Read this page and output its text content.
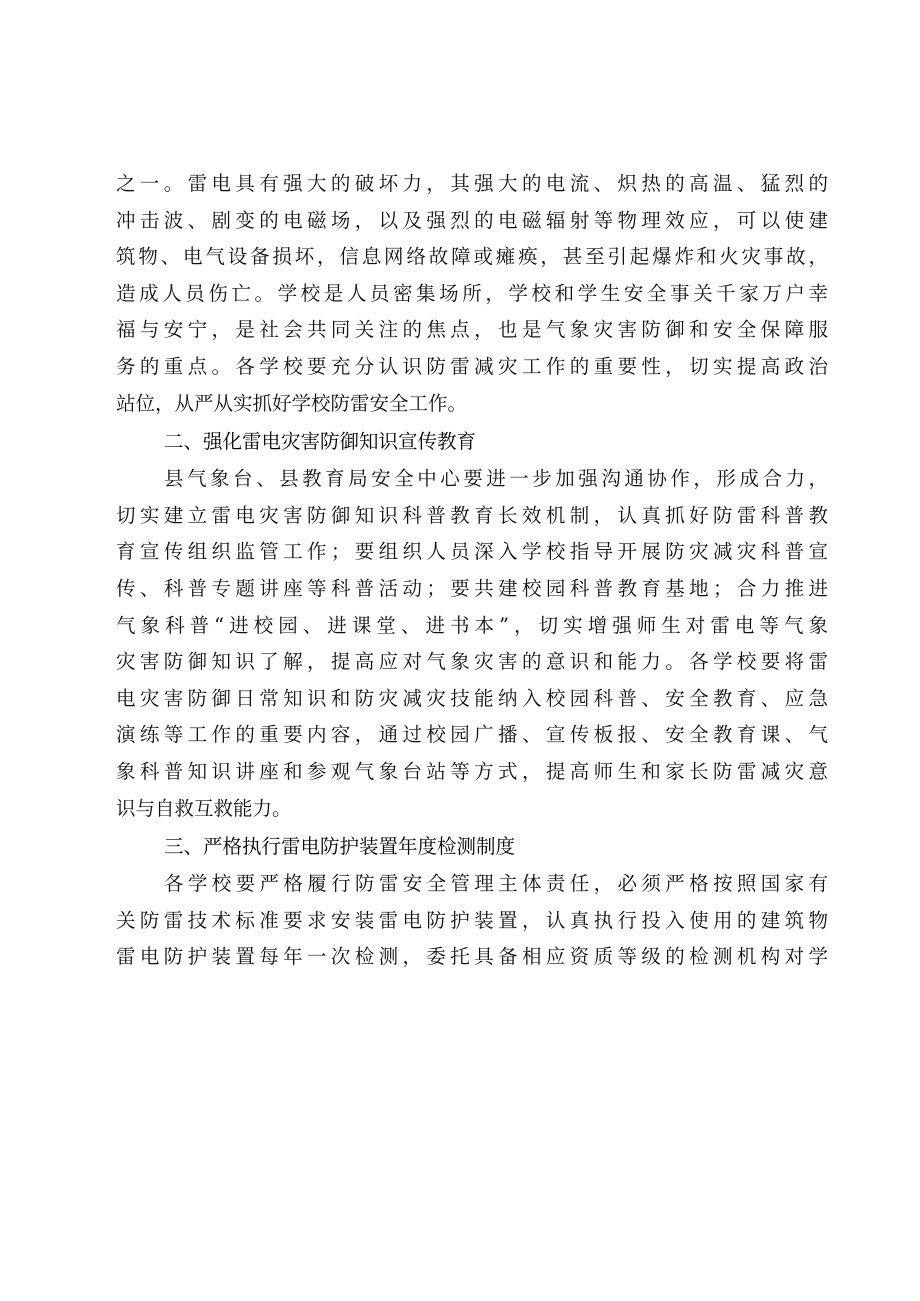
之一。雷电具有强大的破坏力，其强大的电流、炽热的高温、猛烈的
冲击波、剧变的电磁场，以及强烈的电磁辐射等物理效应，可以使建
筑物、电气设备损坏，信息网络故障或瘫痪，甚至引起爆炸和火灾事故，
造成人员伤亡。学校是人员密集场所，学校和学生安全事关千家万户幸
福与安宁，是社会共同关注的焦点，也是气象灾害防御和安全保障服
务的重点。各学校要充分认识防雷减灾工作的重要性，切实提高政治
站位，从严从实抓好学校防雷安全工作。
二、强化雷电灾害防御知识宣传教育
县气象台、县教育局安全中心要进一步加强沟通协作，形成合力，
切实建立雷电灾害防御知识科普教育长效机制，认真抓好防雷科普教
育宣传组织监管工作；要组织人员深入学校指导开展防灾减灾科普宣
传、科普专题讲座等科普活动；要共建校园科普教育基地；合力推进
气象科普“进校园、进课堂、进书本”，切实增强师生对雷电等气象
灾害防御知识了解，提高应对气象灾害的意识和能力。各学校要将雷
电灾害防御日常知识和防灾减灾技能纳入校园科普、安全教育、应急
演练等工作的重要内容，通过校园广播、宣传板报、安全教育课、气
象科普知识讲座和参观气象台站等方式，提高师生和家长防雷减灾意
识与自救互救能力。
三、严格执行雷电防护装置年度检测制度
各学校要严格履行防雷安全管理主体责任，必须严格按照国家有
关防雷技术标准要求安装雷电防护装置，认真执行投入使用的建筑物
雷电防护装置每年一次检测，委托具备相应资质等级的检测机构对学
